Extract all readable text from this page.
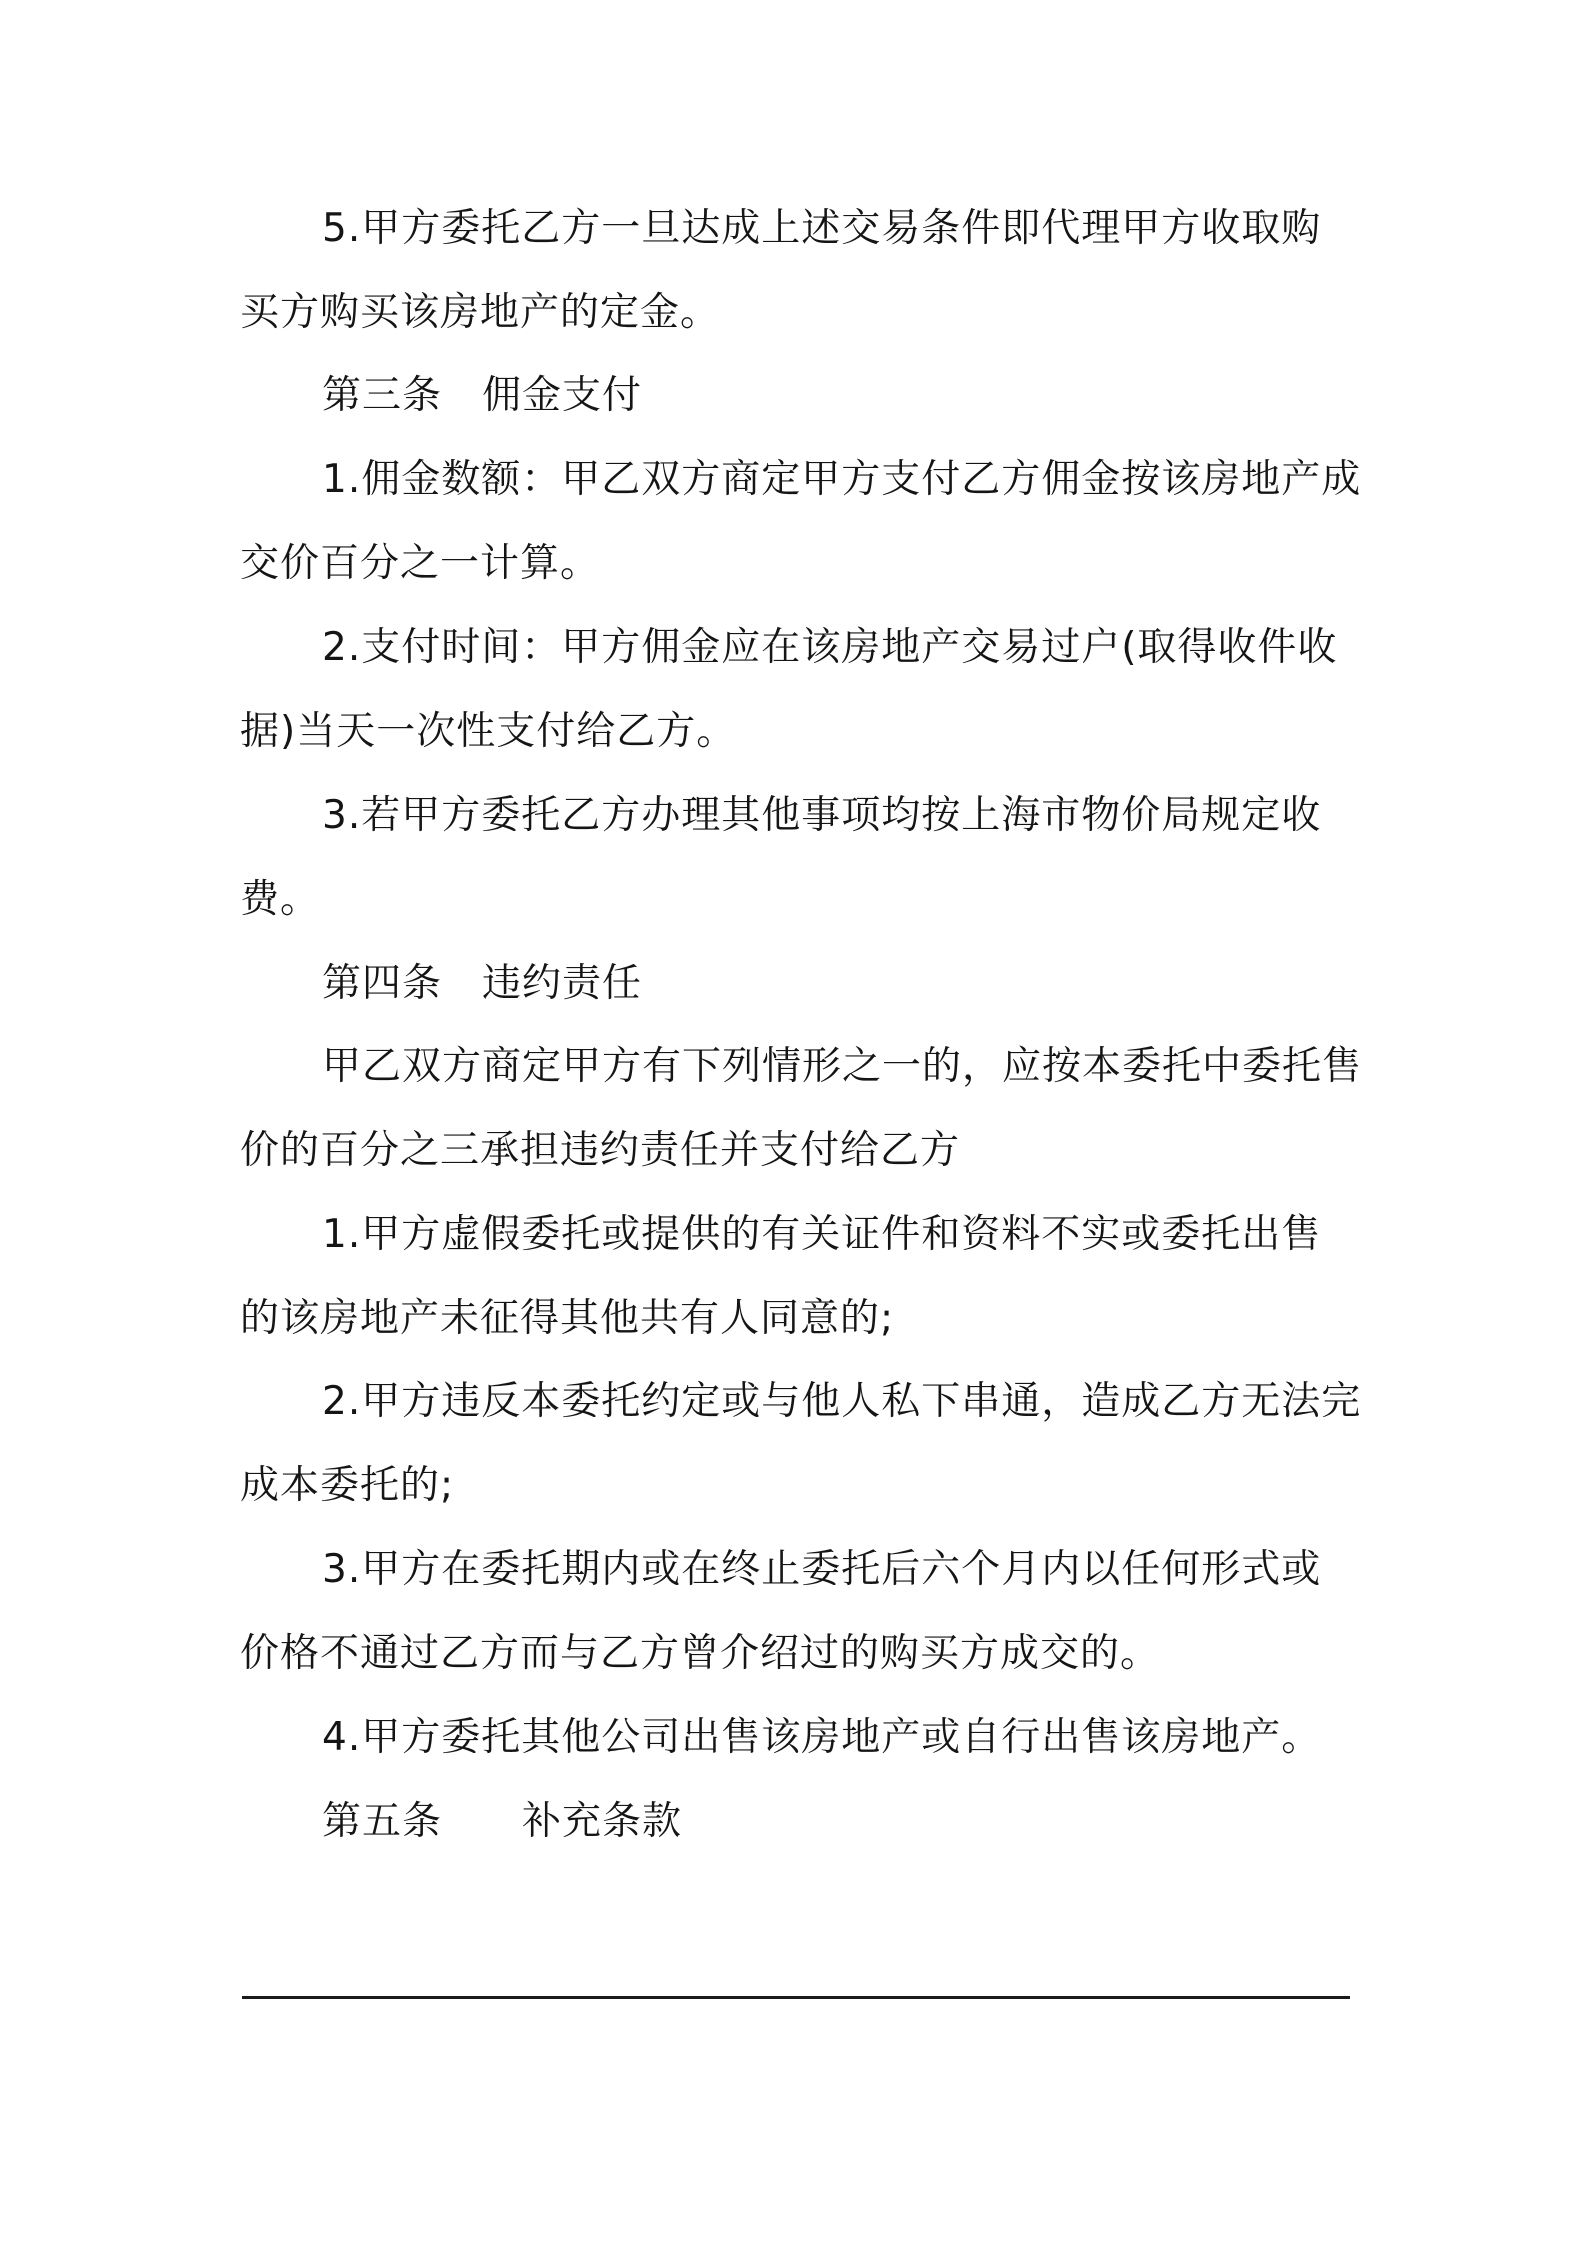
5.甲方委托乙方一旦达成上述交易条件即代理甲方收取购
买方购买该房地产的定金。
第三条　佣金支付
1.佣金数额：甲乙双方商定甲方支付乙方佣金按该房地产成
交价百分之一计算。
2.支付时间：甲方佣金应在该房地产交易过户(取得收件收
据)当天一次性支付给乙方。
3.若甲方委托乙方办理其他事项均按上海市物价局规定收
费。
第四条　违约责任
甲乙双方商定甲方有下列情形之一的，应按本委托中委托售
价的百分之三承担违约责任并支付给乙方
1.甲方虚假委托或提供的有关证件和资料不实或委托出售
的该房地产未征得其他共有人同意的;
2.甲方违反本委托约定或与他人私下串通，造成乙方无法完
成本委托的;
3.甲方在委托期内或在终止委托后六个月内以任何形式或
价格不通过乙方而与乙方曾介绍过的购买方成交的。
4.甲方委托其他公司出售该房地产或自行出售该房地产。
第五条　　补充条款
